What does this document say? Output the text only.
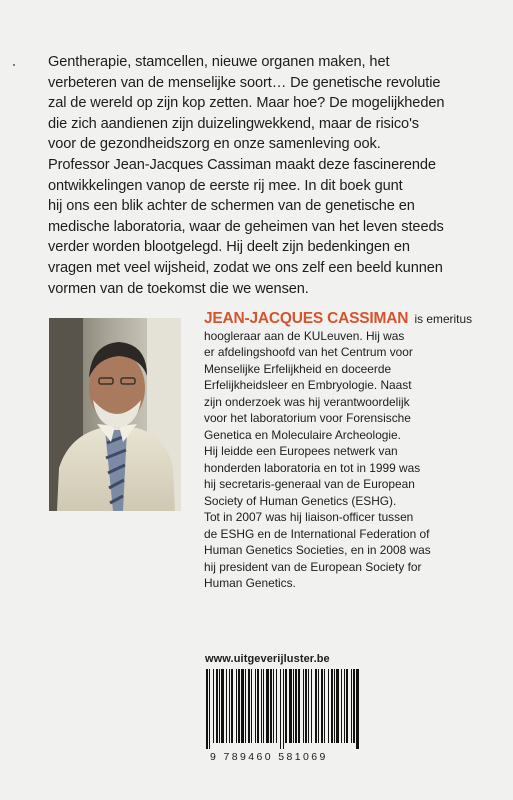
Gentherapie, stamcellen, nieuwe organen maken, het
verbeteren van de menselijke soort… De genetische revolutie
zal de wereld op zijn kop zetten. Maar hoe? De mogelijkheden
die zich aandienen zijn duizelingwekkend, maar de risico's
voor de gezondheidszorg en onze samenleving ook.
Professor Jean-Jacques Cassiman maakt deze fascinerende
ontwikkelingen vanop de eerste rij mee. In dit boek gunt
hij ons een blik achter de schermen van de genetische en
medische laboratoria, waar de geheimen van het leven steeds
verder worden blootgelegd. Hij deelt zijn bedenkingen en
vragen met veel wijsheid, zodat we ons zelf een beeld kunnen
vormen van de toekomst die we wensen.
JEAN-JACQUES CASSIMAN is emeritus
hoogleraar aan de KULeuven. Hij was
er afdelingshoofd van het Centrum voor
Menselijke Erfelijkheid en doceerde
Erfelijkheidsleer en Embryologie. Naast
zijn onderzoek was hij verantwoordelijk
voor het laboratorium voor Forensische
Genetica en Moleculaire Archeologie.
Hij leidde een Europees netwerk van
honderden laboratoria en tot in 1999 was
hij secretaris-generaal van de European
Society of Human Genetics (ESHG).
Tot in 2007 was hij liaison-officer tussen
de ESHG en de International Federation of
Human Genetics Societies, en in 2008 was
hij president van de European Society for
Human Genetics.
www.uitgeverijluster.be
9 789460 581069
